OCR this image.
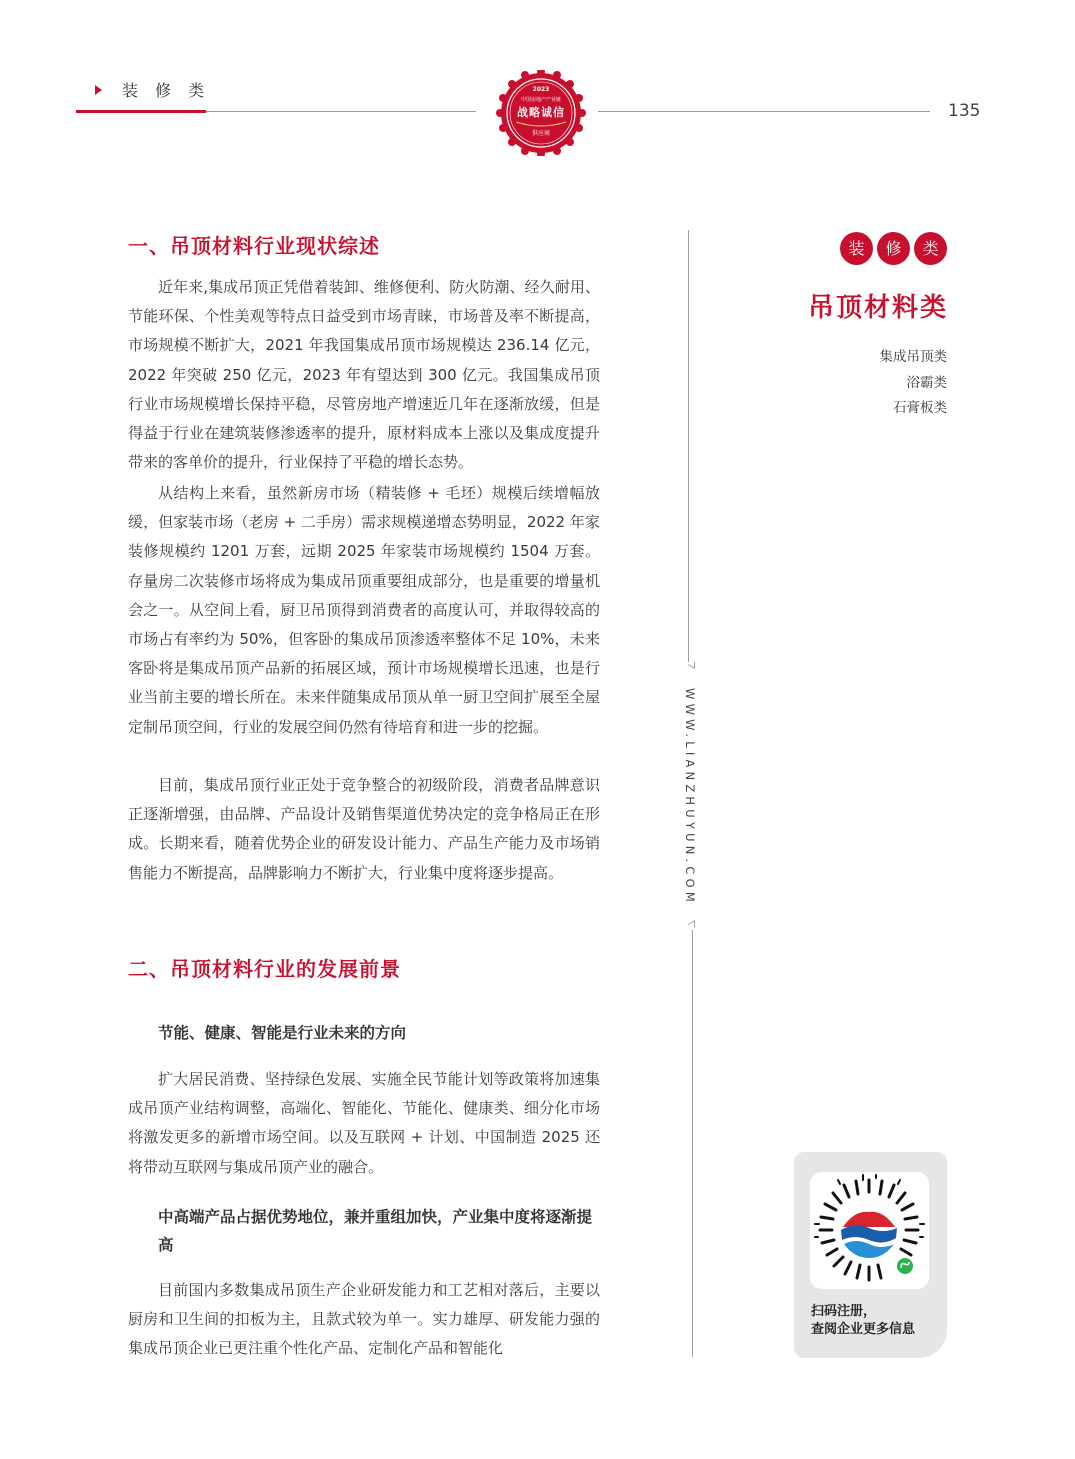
装 修 类
135
2023
中国房地产产业链
战略诚信
供应商
一、吊顶材料行业现状综述

近年来,集成吊顶正凭借着装卸、维修便利、防火防潮、经久耐用、节能环保、个性美观等特点日益受到市场青睐，市场普及率不断提高，市场规模不断扩大，2021 年我国集成吊顶市场规模达 236.14 亿元，2022 年突破 250 亿元，2023 年有望达到 300 亿元。我国集成吊顶行业市场规模增长保持平稳，尽管房地产增速近几年在逐渐放缓，但是得益于行业在建筑装修渗透率的提升，原材料成本上涨以及集成度提升带来的客单价的提升，行业保持了平稳的增长态势。

从结构上来看，虽然新房市场（精装修 + 毛坯）规模后续增幅放缓，但家装市场（老房 + 二手房）需求规模递增态势明显，2022 年家装修规模约 1201 万套，远期 2025 年家装市场规模约 1504 万套。存量房二次装修市场将成为集成吊顶重要组成部分，也是重要的增量机会之一。从空间上看，厨卫吊顶得到消费者的高度认可，并取得较高的市场占有率约为 50%，但客卧的集成吊顶渗透率整体不足 10%，未来客卧将是集成吊顶产品新的拓展区域，预计市场规模增长迅速，也是行业当前主要的增长所在。未来伴随集成吊顶从单一厨卫空间扩展至全屋定制吊顶空间，行业的发展空间仍然有待培育和进一步的挖掘。

目前，集成吊顶行业正处于竞争整合的初级阶段，消费者品牌意识正逐渐增强，由品牌、产品设计及销售渠道优势决定的竞争格局正在形成。长期来看，随着优势企业的研发设计能力、产品生产能力及市场销售能力不断提高，品牌影响力不断扩大，行业集中度将逐步提高。

二、吊顶材料行业的发展前景

节能、健康、智能是行业未来的方向

扩大居民消费、坚持绿色发展、实施全民节能计划等政策将加速集成吊顶产业结构调整，高端化、智能化、节能化、健康类、细分化市场将激发更多的新增市场空间。以及互联网 + 计划、中国制造 2025 还将带动互联网与集成吊顶产业的融合。

中高端产品占据优势地位，兼并重组加快，产业集中度将逐渐提高

目前国内多数集成吊顶生产企业研发能力和工艺相对落后，主要以厨房和卫生间的扣板为主，且款式较为单一。实力雄厚、研发能力强的集成吊顶企业已更注重个性化产品、定制化产品和智能化

WWW.LIANZHUYUN.COM
装	修	类
吊顶材料类
集成吊顶类
浴霸类
石膏板类
扫码注册，
查阅企业更多信息
